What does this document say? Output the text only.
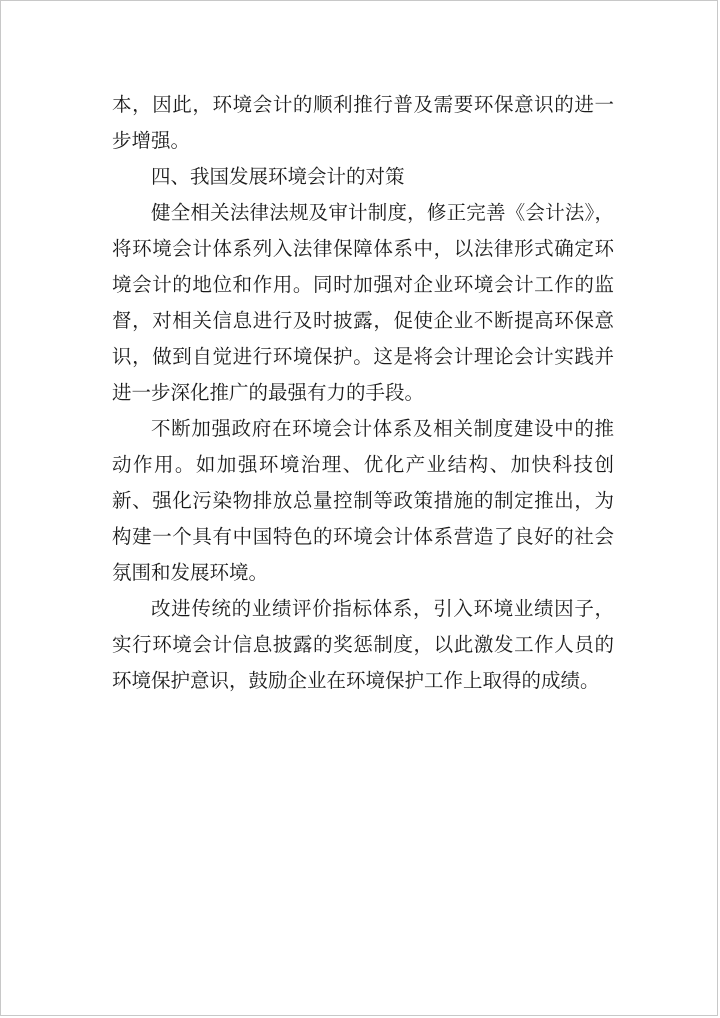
本，因此，环境会计的顺利推行普及需要环保意识的进一步增强。

四、我国发展环境会计的对策

健全相关法律法规及审计制度，修正完善《会计法》，将环境会计体系列入法律保障体系中，以法律形式确定环境会计的地位和作用。同时加强对企业环境会计工作的监督，对相关信息进行及时披露，促使企业不断提高环保意识，做到自觉进行环境保护。这是将会计理论会计实践并进一步深化推广的最强有力的手段。

不断加强政府在环境会计体系及相关制度建设中的推动作用。如加强环境治理、优化产业结构、加快科技创新、强化污染物排放总量控制等政策措施的制定推出，为构建一个具有中国特色的环境会计体系营造了良好的社会氛围和发展环境。

改进传统的业绩评价指标体系，引入环境业绩因子，实行环境会计信息披露的奖惩制度，以此激发工作人员的环境保护意识，鼓励企业在环境保护工作上取得的成绩。
